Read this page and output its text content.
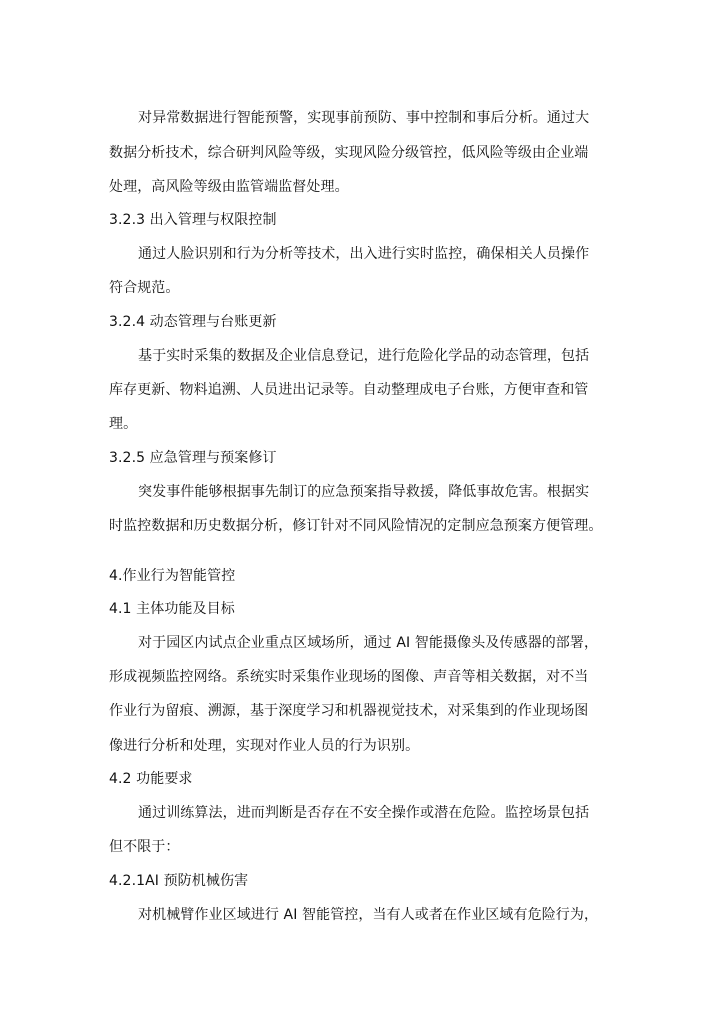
对异常数据进行智能预警，实现事前预防、事中控制和事后分析。通过大
数据分析技术，综合研判风险等级，实现风险分级管控，低风险等级由企业端
处理，高风险等级由监管端监督处理。
3.2.3 出入管理与权限控制
通过人脸识别和行为分析等技术，出入进行实时监控，确保相关人员操作
符合规范。
3.2.4 动态管理与台账更新
基于实时采集的数据及企业信息登记，进行危险化学品的动态管理，包括
库存更新、物料追溯、人员进出记录等。自动整理成电子台账，方便审查和管
理。
3.2.5 应急管理与预案修订
突发事件能够根据事先制订的应急预案指导救援，降低事故危害。根据实
时监控数据和历史数据分析，修订针对不同风险情况的定制应急预案方便管理。
4.作业行为智能管控
4.1 主体功能及目标
对于园区内试点企业重点区域场所，通过 AI 智能摄像头及传感器的部署，
形成视频监控网络。系统实时采集作业现场的图像、声音等相关数据，对不当
作业行为留痕、溯源，基于深度学习和机器视觉技术，对采集到的作业现场图
像进行分析和处理，实现对作业人员的行为识别。
4.2 功能要求
通过训练算法，进而判断是否存在不安全操作或潜在危险。监控场景包括
但不限于：
4.2.1AI 预防机械伤害
对机械臂作业区域进行 AI 智能管控，当有人或者在作业区域有危险行为，
